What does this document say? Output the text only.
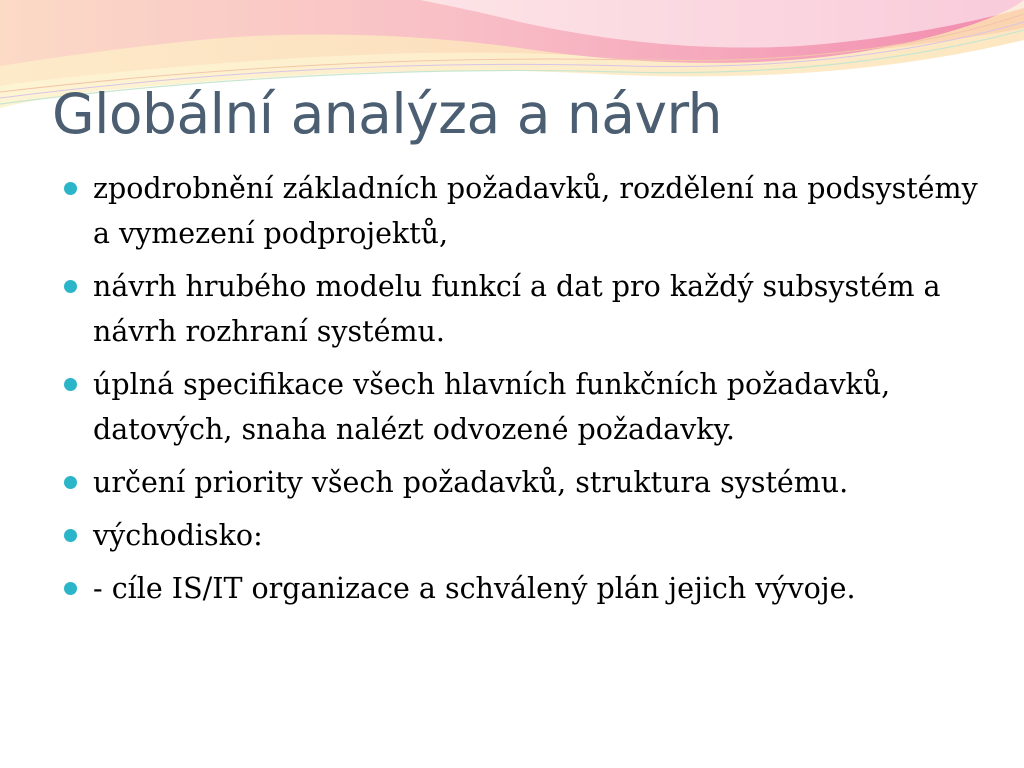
Globální analýza a návrh
zpodrobnění základních požadavků, rozdělení na podsystémy a vymezení podprojektů,
návrh hrubého modelu funkcí a dat pro každý subsystém a návrh rozhraní systému.
úplná specifikace všech hlavních funkčních požadavků, datových, snaha nalézt odvozené požadavky.
určení priority všech požadavků, struktura systému.
východisko:
- cíle IS/IT organizace a schválený plán jejich vývoje.
